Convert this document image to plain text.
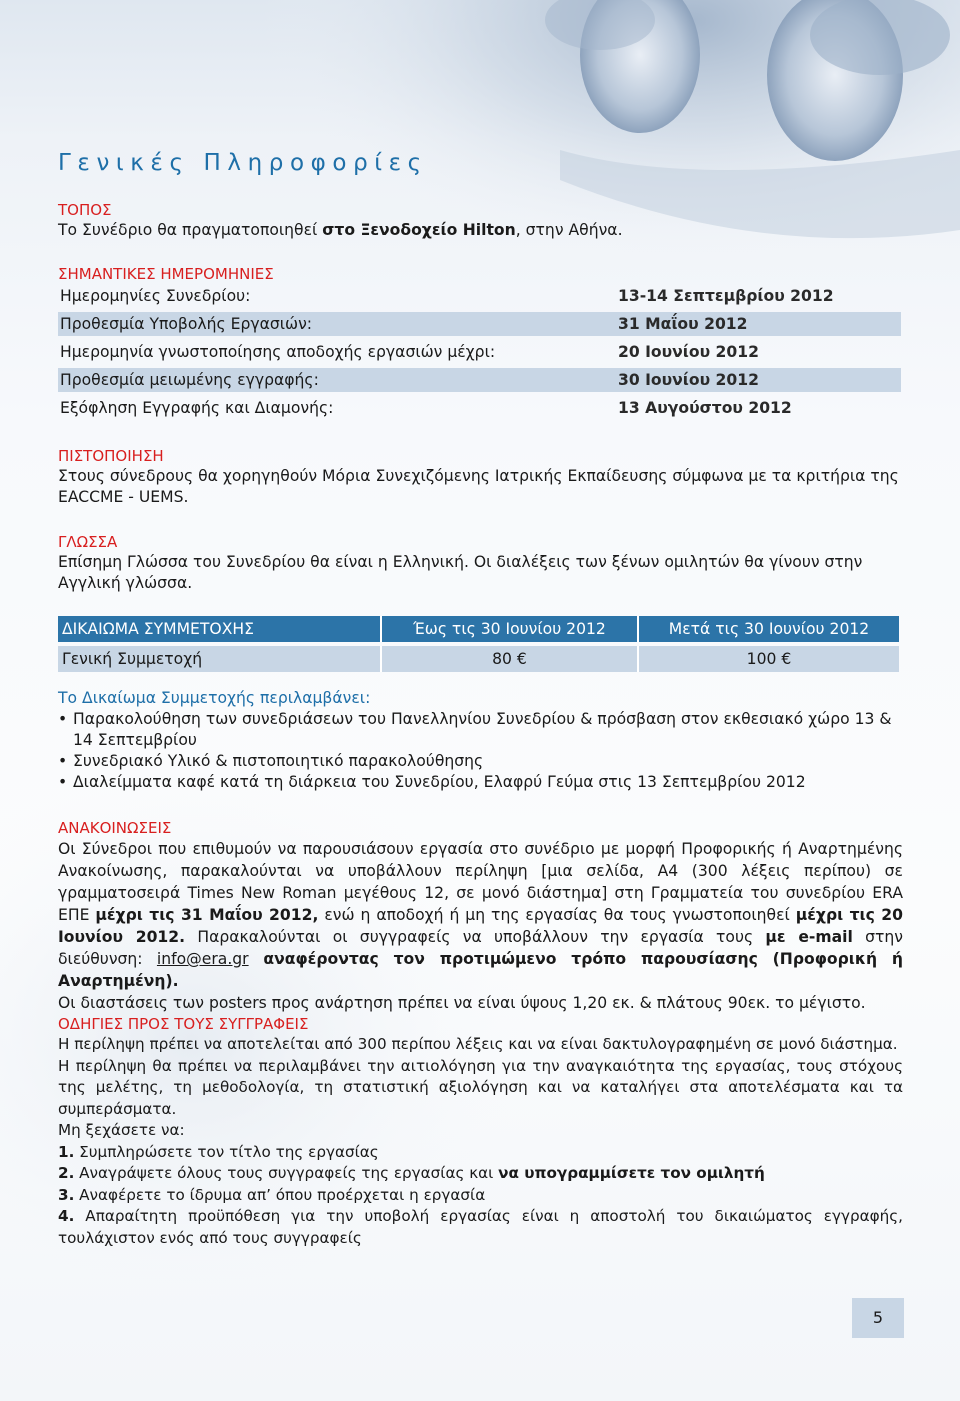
Γενικές Πληροφορίες
ΤΟΠΟΣ
Το Συνέδριο θα πραγματοποιηθεί στο Ξενοδοχείο Hilton, στην Αθήνα.
ΣΗΜΑΝΤΙΚΕΣ ΗΜΕΡΟΜΗΝΙΕΣ
Ημερομηνίες Συνεδρίου:	13-14 Σεπτεμβρίου 2012
Προθεσμία Υποβολής Εργασιών:	31 Μαΐου 2012
Ημερομηνία γνωστοποίησης αποδοχής εργασιών μέχρι:	20 Ιουνίου 2012
Προθεσμία μειωμένης εγγραφής:	30 Ιουνίου 2012
Εξόφληση Εγγραφής και Διαμονής:	13 Αυγούστου 2012
ΠΙΣΤΟΠΟΙΗΣΗ

Στους σύνεδρους θα χορηγηθούν Μόρια Συνεχιζόμενης Ιατρικής Εκπαίδευσης σύμφωνα με τα κριτήρια της EACCME - UEMS.

ΓΛΩΣΣΑ

Επίσημη Γλώσσα του Συνεδρίου θα είναι η Ελληνική. Οι διαλέξεις των ξένων ομιλητών θα γίνουν στην Αγγλική γλώσσα.

ΔΙΚΑΙΩΜΑ ΣΥΜΜΕΤΟΧΗΣ	Έως τις 30 Ιουνίου 2012	Μετά τις 30 Ιουνίου 2012

Γενική Συμμετοχή	80 €	100 €
Το Δικαίωμα Συμμετοχής περιλαμβάνει:
• Παρακολούθηση των συνεδριάσεων του Πανελληνίου Συνεδρίου & πρόσβαση στον εκθεσιακό χώρο 13 & 14 Σεπτεμβρίου
• Συνεδριακό Υλικό & πιστοποιητικό παρακολούθησης
• Διαλείμματα καφέ κατά τη διάρκεια του Συνεδρίου, Ελαφρύ Γεύμα στις 13 Σεπτεμβρίου 2012
ΑΝΑΚΟΙΝΩΣΕΙΣ

Οι Σύνεδροι που επιθυμούν να παρουσιάσουν εργασία στο συνέδριο με μορφή Προφορικής ή Αναρτημένης Ανακοίνωσης, παρακαλούνται να υποβάλλουν περίληψη [μια σελίδα, Α4 (300 λέξεις περίπου) σε γραμματοσειρά Times New Roman μεγέθους 12, σε μονό διάστημα] στη Γραμματεία του συνεδρίου ERA ΕΠΕ μέχρι τις 31 Μαΐου 2012, ενώ η αποδοχή ή μη της εργασίας θα τους γνωστοποιηθεί μέχρι τις 20 Ιουνίου 2012. Παρακαλούνται οι συγγραφείς να υποβάλλουν την εργασία τους με e-mail στην διεύθυνση: info@era.gr αναφέροντας τον προτιμώμενο τρόπο παρουσίασης (Προφορική ή Αναρτημένη).

Οι διαστάσεις των posters προς ανάρτηση πρέπει να είναι ύψους 1,20 εκ. & πλάτους 90εκ. το μέγιστο.

ΟΔΗΓΙΕΣ ΠΡΟΣ ΤΟΥΣ ΣΥΓΓΡΑΦΕΙΣ

Η περίληψη πρέπει να αποτελείται από 300 περίπου λέξεις και να είναι δακτυλογραφημένη σε μονό διάστημα.

Η περίληψη θα πρέπει να περιλαμβάνει την αιτιολόγηση για την αναγκαιότητα της εργασίας, τους στόχους της μελέτης, τη μεθοδολογία, τη στατιστική αξιολόγηση και να καταλήγει στα αποτελέσματα και τα συμπεράσματα.

Μη ξεχάσετε να:

1. Συμπληρώσετε τον τίτλο της εργασίας
2. Αναγράψετε όλους τους συγγραφείς της εργασίας και να υπογραμμίσετε τον ομιλητή
3. Αναφέρετε το ίδρυμα απ’ όπου προέρχεται η εργασία
4. Απαραίτητη προϋπόθεση για την υποβολή εργασίας είναι η αποστολή του δικαιώματος εγγραφής, τουλάχιστον ενός από τους συγγραφείς
5
